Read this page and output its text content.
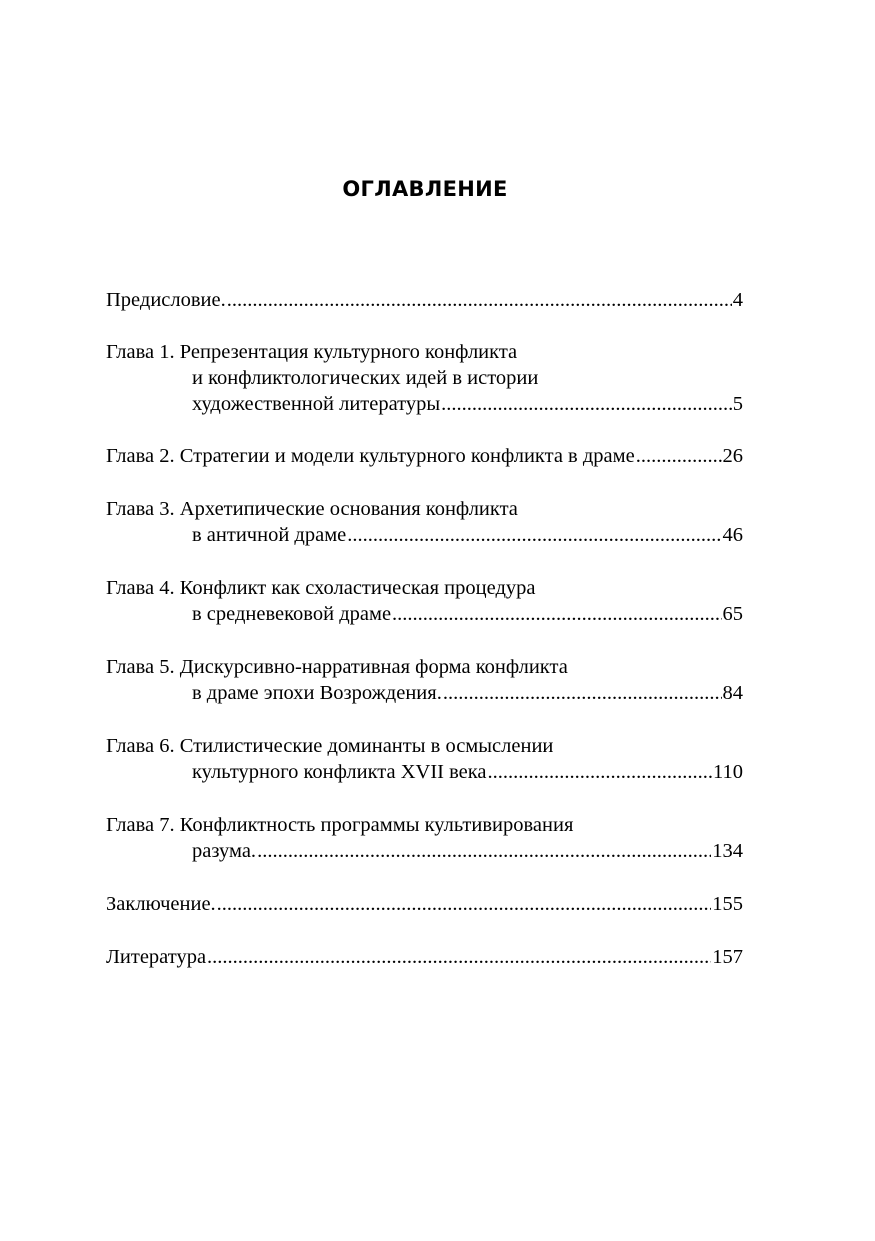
ОГЛАВЛЕНИЕ
Предисловие. .....	4
Глава 1. Репрезентация культурного конфликта
и конфликтологических идей в истории
художественной литературы .....	5
Глава 2. Стратегии и модели культурного конфликта в драме .....	26
Глава 3. Архетипические основания конфликта
в античной драме .....	46
Глава 4. Конфликт как схоластическая процедура
в средневековой драме .....	65
Глава 5. Дискурсивно-нарративная форма конфликта
в драме эпохи Возрождения. .....	84
Глава 6. Стилистические доминанты в осмыслении
культурного конфликта XVII века .....	110
Глава 7. Конфликтность программы культивирования
разума. .....	134
Заключение. .....	155
Литература .....	157
